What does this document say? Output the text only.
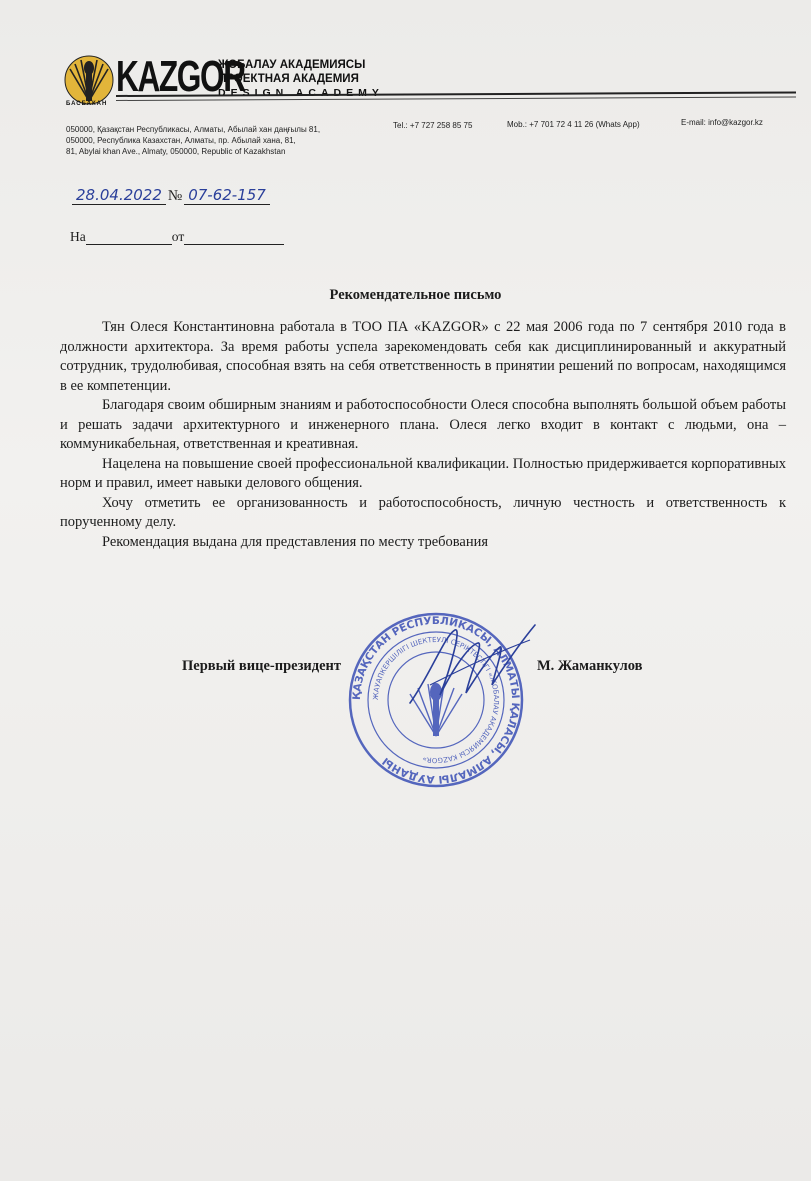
БАСБАКАН
KAZGOR
ЖОБАЛАУ АКАДЕМИЯСЫ
ПРОЕКТНАЯ АКАДЕМИЯ
DESIGN ACADEMY
050000, Қазақстан Республикасы, Алматы, Абылай хан даңғылы 81,
050000, Республика Казахстан, Алматы, пр. Абылай хана, 81,
81, Abylai khan Ave., Almaty, 050000, Republic of Kazakhstan
Tel.: +7 727 258 85 75	Mob.: +7 701 72 4 11 26 (Whats App)	E-mail: info@kazgor.kz
28.04.2022 № 07-62-157
На	от
Рекомендательное письмо

Тян Олеся Константиновна работала в ТОО ПА «KAZGOR» с 22 мая 2006 года по 7 сентября 2010 года в должности архитектора. За время работы успела зарекомендовать себя как дисциплинированный и аккуратный сотрудник, трудолюбивая, способная взять на себя ответственность в принятии решений по вопросам, находящимся в ее компетенции.

Благодаря своим обширным знаниям и работоспособности Олеся способна выполнять большой объем работы и решать задачи архитектурного и инженерного плана. Олеся легко входит в контакт с людьми, она – коммуникабельная, ответственная и креативная.

Нацелена на повышение своей профессиональной квалификации. Полностью придерживается корпоративных норм и правил, имеет навыки делового общения.

Хочу отметить ее организованность и работоспособность, личную честность и ответственность к порученному делу.

Рекомендация выдана для представления по месту требования

ҚАЗАҚСТАН РЕСПУБЛИКАСЫ, АЛМАТЫ ҚАЛАСЫ, АЛМАЛЫ АУДАНЫ
ЖАУАПКЕРШІЛІГІ ШЕКТЕУЛІ СЕРІКТЕСТІГІ «ЖОБАЛАУ АКАДЕМИЯСЫ KAZGOR»
Первый вице-президент	М. Жаманкулов
